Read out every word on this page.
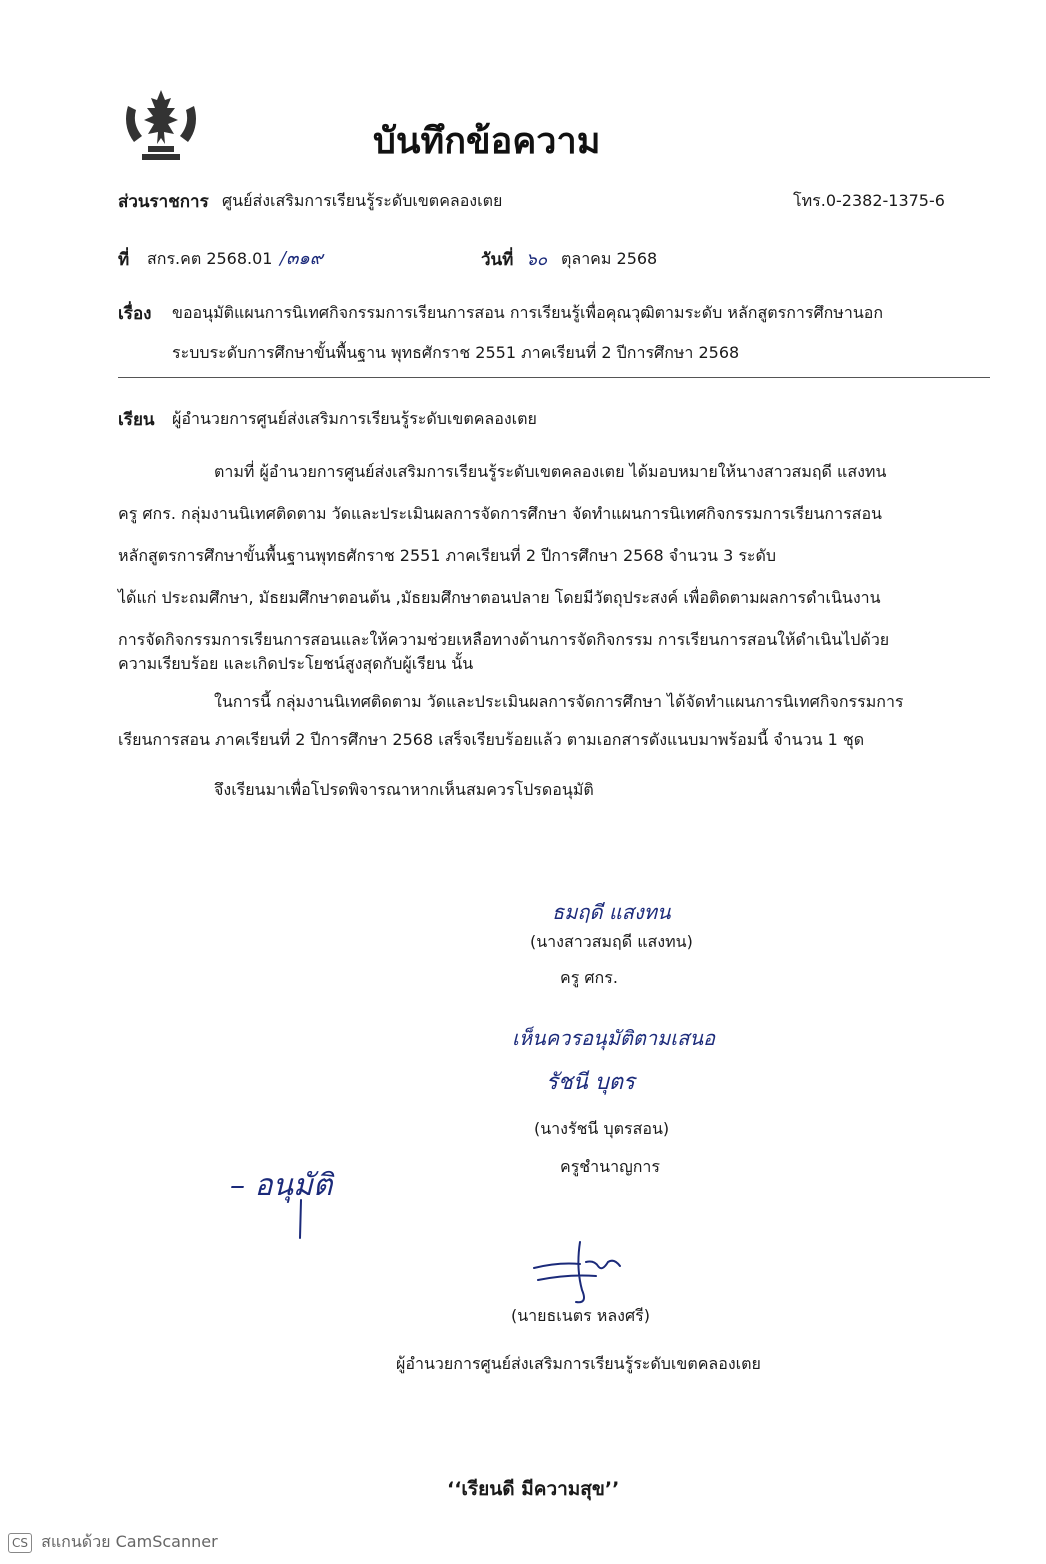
บันทึกข้อความ
ส่วนราชการ ศูนย์ส่งเสริมการเรียนรู้ระดับเขตคลองเตย	โทร.0-2382-1375-6
ที่ สกร.คต 2568.01 /๓๑๙	วันที่ ๖๐ ตุลาคม 2568
เรื่อง ขออนุมัติแผนการนิเทศกิจกรรมการเรียนการสอน การเรียนรู้เพื่อคุณวุฒิตามระดับ หลักสูตรการศึกษานอก
ระบบระดับการศึกษาขั้นพื้นฐาน พุทธศักราช 2551 ภาคเรียนที่ 2 ปีการศึกษา 2568
เรียน ผู้อำนวยการศูนย์ส่งเสริมการเรียนรู้ระดับเขตคลองเตย
ตามที่ ผู้อำนวยการศูนย์ส่งเสริมการเรียนรู้ระดับเขตคลองเตย ได้มอบหมายให้นางสาวสมฤดี แสงทน
ครู ศกร. กลุ่มงานนิเทศติดตาม วัดและประเมินผลการจัดการศึกษา จัดทำแผนการนิเทศกิจกรรมการเรียนการสอน
หลักสูตรการศึกษาขั้นพื้นฐานพุทธศักราช 2551 ภาคเรียนที่ 2 ปีการศึกษา 2568 จำนวน 3 ระดับ
ได้แก่ ประถมศึกษา, มัธยมศึกษาตอนต้น ,มัธยมศึกษาตอนปลาย โดยมีวัตถุประสงค์ เพื่อติดตามผลการดำเนินงาน
การจัดกิจกรรมการเรียนการสอนและให้ความช่วยเหลือทางด้านการจัดกิจกรรม การเรียนการสอนให้ดำเนินไปด้วย
ความเรียบร้อย และเกิดประโยชน์สูงสุดกับผู้เรียน นั้น
ในการนี้ กลุ่มงานนิเทศติดตาม วัดและประเมินผลการจัดการศึกษา ได้จัดทำแผนการนิเทศกิจกรรมการ
เรียนการสอน ภาคเรียนที่ 2 ปีการศึกษา 2568 เสร็จเรียบร้อยแล้ว ตามเอกสารดังแนบมาพร้อมนี้ จำนวน 1 ชุด
จึงเรียนมาเพื่อโปรดพิจารณาหากเห็นสมควรโปรดอนุมัติ
ธมฤดี แสงทน
(นางสาวสมฤดี แสงทน)
ครู ศกร.
เห็นควรอนุมัติตามเสนอ
รัชนี บุตร
(นางรัชนี บุตรสอน)
ครูชำนาญการ
– อนุมัติ
(นายธเนตร หลงศรี)
ผู้อำนวยการศูนย์ส่งเสริมการเรียนรู้ระดับเขตคลองเตย
‘‘เรียนดี มีความสุข’’
CS สแกนด้วย CamScanner
